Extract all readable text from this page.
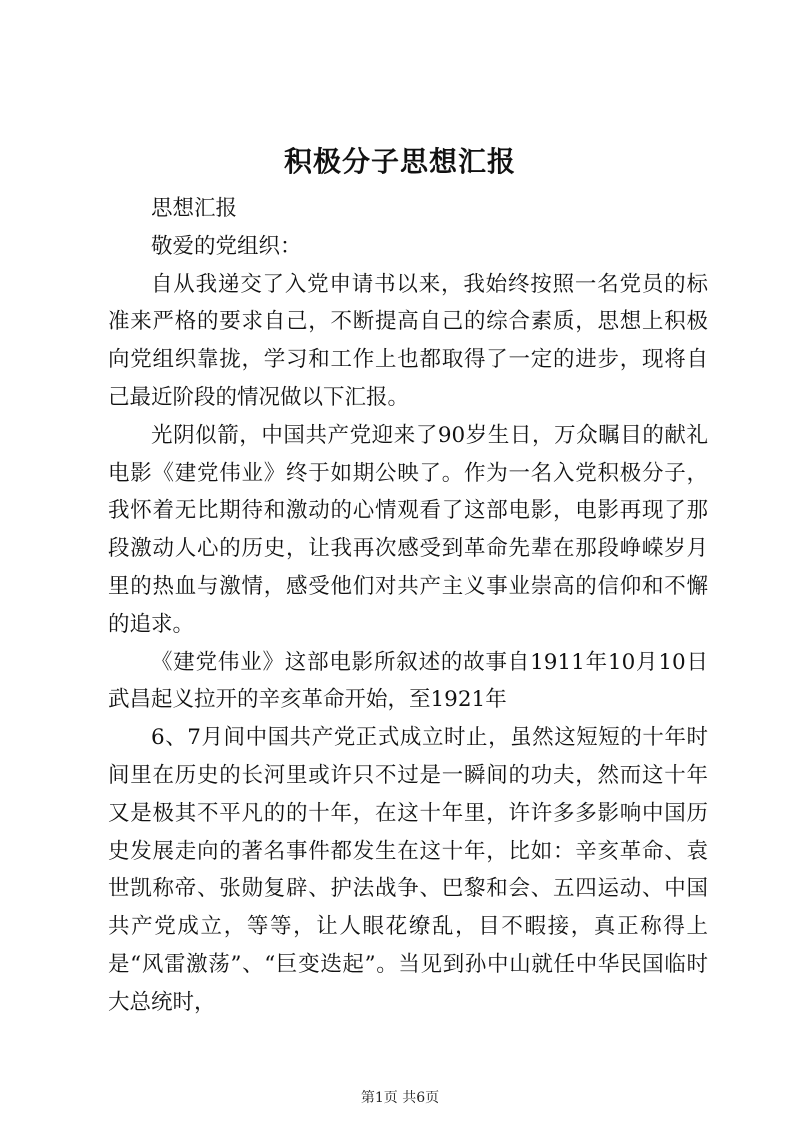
积极分子思想汇报

思想汇报

敬爱的党组织：

自从我递交了入党申请书以来，我始终按照一名党员的标准来严格的要求自己，不断提高自己的综合素质，思想上积极向党组织靠拢，学习和工作上也都取得了一定的进步，现将自己最近阶段的情况做以下汇报。

光阴似箭，中国共产党迎来了90岁生日，万众瞩目的献礼电影《建党伟业》终于如期公映了。作为一名入党积极分子，我怀着无比期待和激动的心情观看了这部电影，电影再现了那段激动人心的历史，让我再次感受到革命先辈在那段峥嵘岁月里的热血与激情，感受他们对共产主义事业崇高的信仰和不懈的追求。

《建党伟业》这部电影所叙述的故事自1911年10月10日武昌起义拉开的辛亥革命开始，至1921年

6、7月间中国共产党正式成立时止，虽然这短短的十年时间里在历史的长河里或许只不过是一瞬间的功夫，然而这十年又是极其不平凡的的十年，在这十年里，许许多多影响中国历史发展走向的著名事件都发生在这十年，比如：辛亥革命、袁世凯称帝、张勋复辟、护法战争、巴黎和会、五四运动、中国共产党成立，等等，让人眼花缭乱，目不暇接，真正称得上是“风雷激荡”、“巨变迭起”。当见到孙中山就任中华民国临时大总统时，

第1页 共6页
